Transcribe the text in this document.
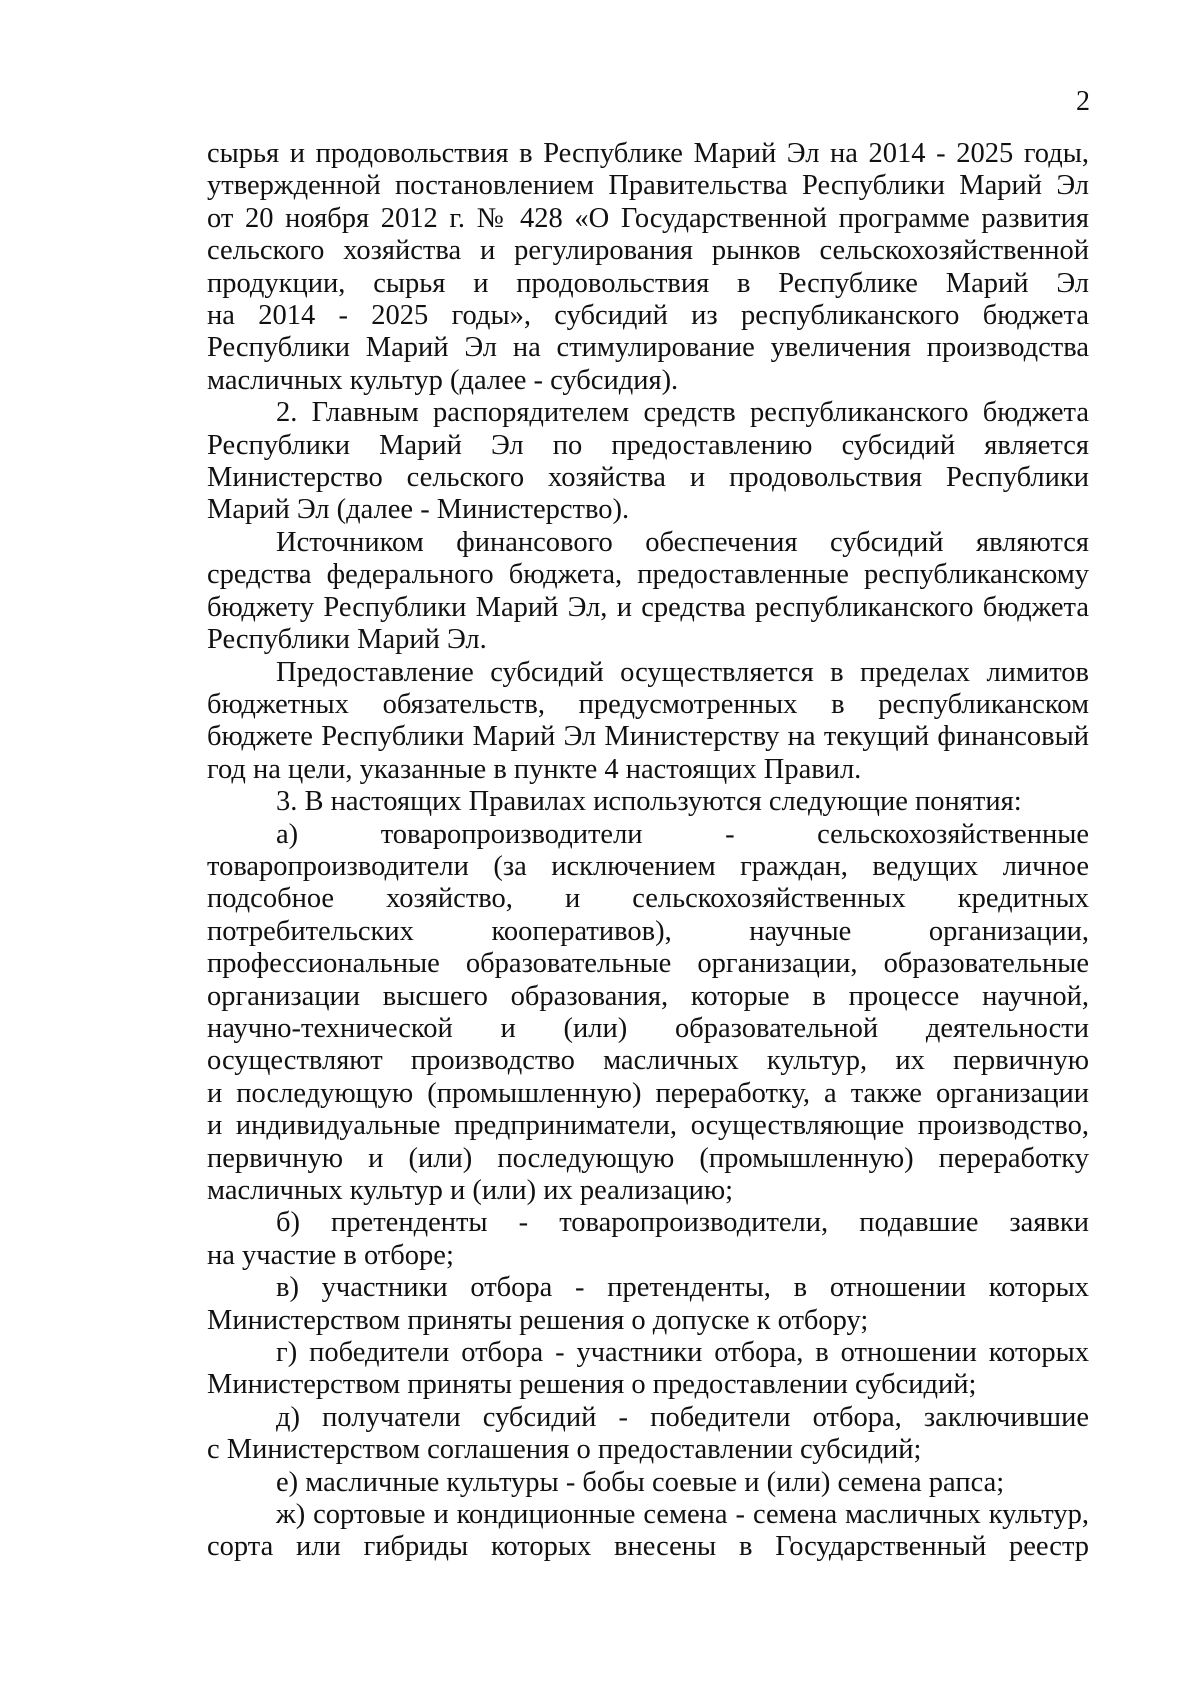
2

сырья и продовольствия в Республике Марий Эл на 2014 - 2025 годы,
утвержденной постановлением Правительства Республики Марий Эл
от 20 ноября 2012 г. № 428 «О Государственной программе развития
сельского хозяйства и регулирования рынков сельскохозяйственной
продукции, сырья и продовольствия в Республике Марий Эл
на 2014 - 2025 годы», субсидий из республиканского бюджета
Республики Марий Эл на стимулирование увеличения производства
масличных культур (далее - субсидия).

2. Главным распорядителем средств республиканского бюджета
Республики Марий Эл по предоставлению субсидий является
Министерство сельского хозяйства и продовольствия Республики
Марий Эл (далее - Министерство).

Источником финансового обеспечения субсидий являются
средства федерального бюджета, предоставленные республиканскому
бюджету Республики Марий Эл, и средства республиканского бюджета
Республики Марий Эл.

Предоставление субсидий осуществляется в пределах лимитов
бюджетных обязательств, предусмотренных в республиканском
бюджете Республики Марий Эл Министерству на текущий финансовый
год на цели, указанные в пункте 4 настоящих Правил.

3. В настоящих Правилах используются следующие понятия:

а) товаропроизводители - сельскохозяйственные
товаропроизводители (за исключением граждан, ведущих личное
подсобное хозяйство, и сельскохозяйственных кредитных
потребительских кооперативов), научные организации,
профессиональные образовательные организации, образовательные
организации высшего образования, которые в процессе научной,
научно-технической и (или) образовательной деятельности
осуществляют производство масличных культур, их первичную
и последующую (промышленную) переработку, а также организации
и индивидуальные предприниматели, осуществляющие производство,
первичную и (или) последующую (промышленную) переработку
масличных культур и (или) их реализацию;

б) претенденты - товаропроизводители, подавшие заявки
на участие в отборе;

в) участники отбора - претенденты, в отношении которых
Министерством приняты решения о допуске к отбору;

г) победители отбора - участники отбора, в отношении которых
Министерством приняты решения о предоставлении субсидий;

д) получатели субсидий - победители отбора, заключившие
с Министерством соглашения о предоставлении субсидий;

е) масличные культуры - бобы соевые и (или) семена рапса;

ж) сортовые и кондиционные семена - семена масличных культур,
сорта или гибриды которых внесены в Государственный реестр
